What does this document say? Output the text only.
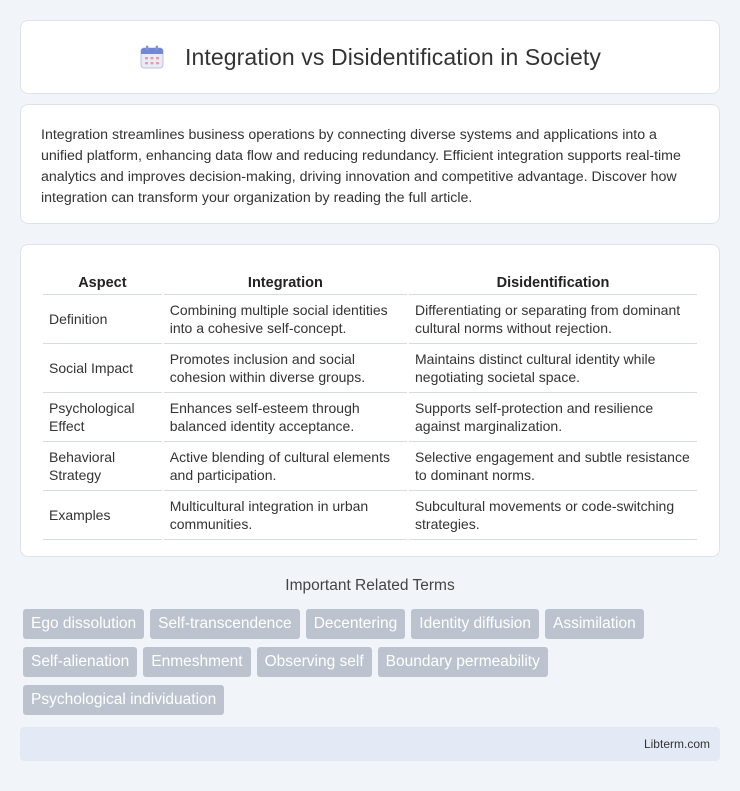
Integration vs Disidentification in Society

Integration streamlines business operations by connecting diverse systems and applications into a unified platform, enhancing data flow and reducing redundancy. Efficient integration supports real-time analytics and improves decision-making, driving innovation and competitive advantage. Discover how integration can transform your organization by reading the full article.

Aspect	Integration	Disidentification
Definition	Combining multiple social identities into a cohesive self-concept.	Differentiating or separating from dominant cultural norms without rejection.
Social Impact	Promotes inclusion and social cohesion within diverse groups.	Maintains distinct cultural identity while negotiating societal space.
Psychological Effect	Enhances self-esteem through balanced identity acceptance.	Supports self-protection and resilience against marginalization.
Behavioral Strategy	Active blending of cultural elements and participation.	Selective engagement and subtle resistance to dominant norms.
Examples	Multicultural integration in urban communities.	Subcultural movements or code-switching strategies.
Important Related Terms
Ego dissolution	Self-transcendence	Decentering	Identity diffusion	Assimilation
Self-alienation	Enmeshment	Observing self	Boundary permeability
Psychological individuation
Libterm.com
